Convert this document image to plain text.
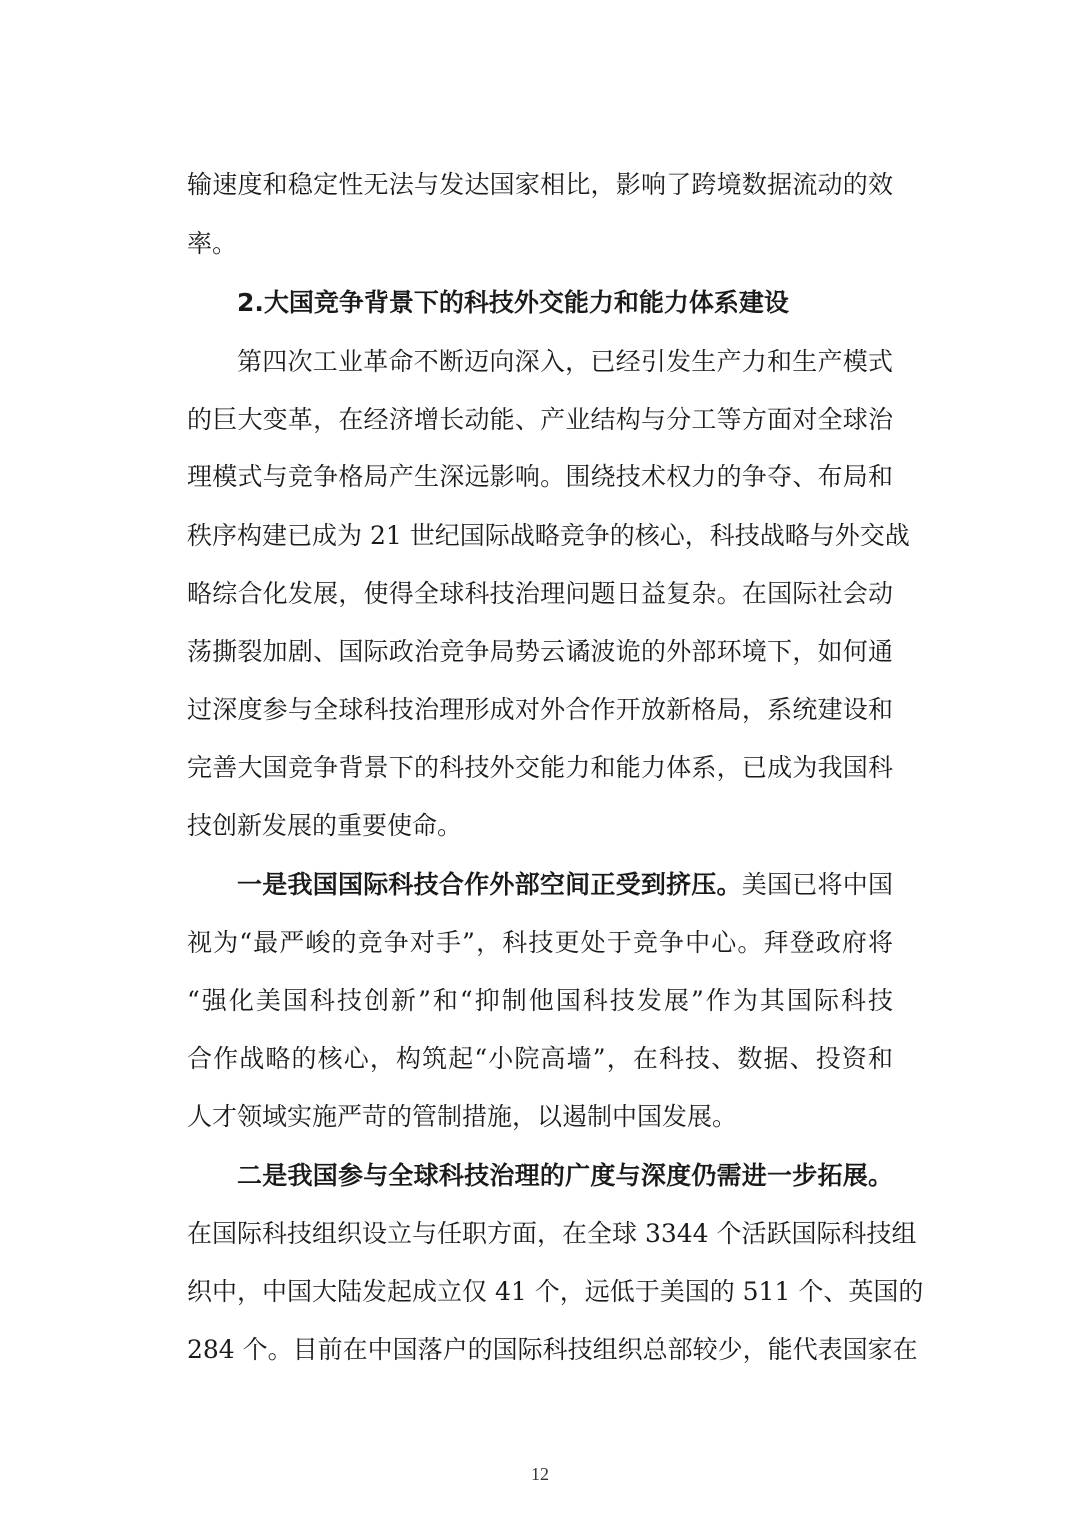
输速度和稳定性无法与发达国家相比，影响了跨境数据流动的效
率。
2.大国竞争背景下的科技外交能力和能力体系建设
第四次工业革命不断迈向深入，已经引发生产力和生产模式
的巨大变革，在经济增长动能、产业结构与分工等方面对全球治
理模式与竞争格局产生深远影响。围绕技术权力的争夺、布局和
秩序构建已成为 21 世纪国际战略竞争的核心，科技战略与外交战
略综合化发展，使得全球科技治理问题日益复杂。在国际社会动
荡撕裂加剧、国际政治竞争局势云谲波诡的外部环境下，如何通
过深度参与全球科技治理形成对外合作开放新格局，系统建设和
完善大国竞争背景下的科技外交能力和能力体系，已成为我国科
技创新发展的重要使命。
一是我国国际科技合作外部空间正受到挤压。美国已将中国
视为“最严峻的竞争对手”，科技更处于竞争中心。拜登政府将
“强化美国科技创新”和“抑制他国科技发展”作为其国际科技
合作战略的核心，构筑起“小院高墙”，在科技、数据、投资和
人才领域实施严苛的管制措施，以遏制中国发展。
二是我国参与全球科技治理的广度与深度仍需进一步拓展。
在国际科技组织设立与任职方面，在全球 3344 个活跃国际科技组
织中，中国大陆发起成立仅 41 个，远低于美国的 511 个、英国的
284 个。目前在中国落户的国际科技组织总部较少，能代表国家在
12
